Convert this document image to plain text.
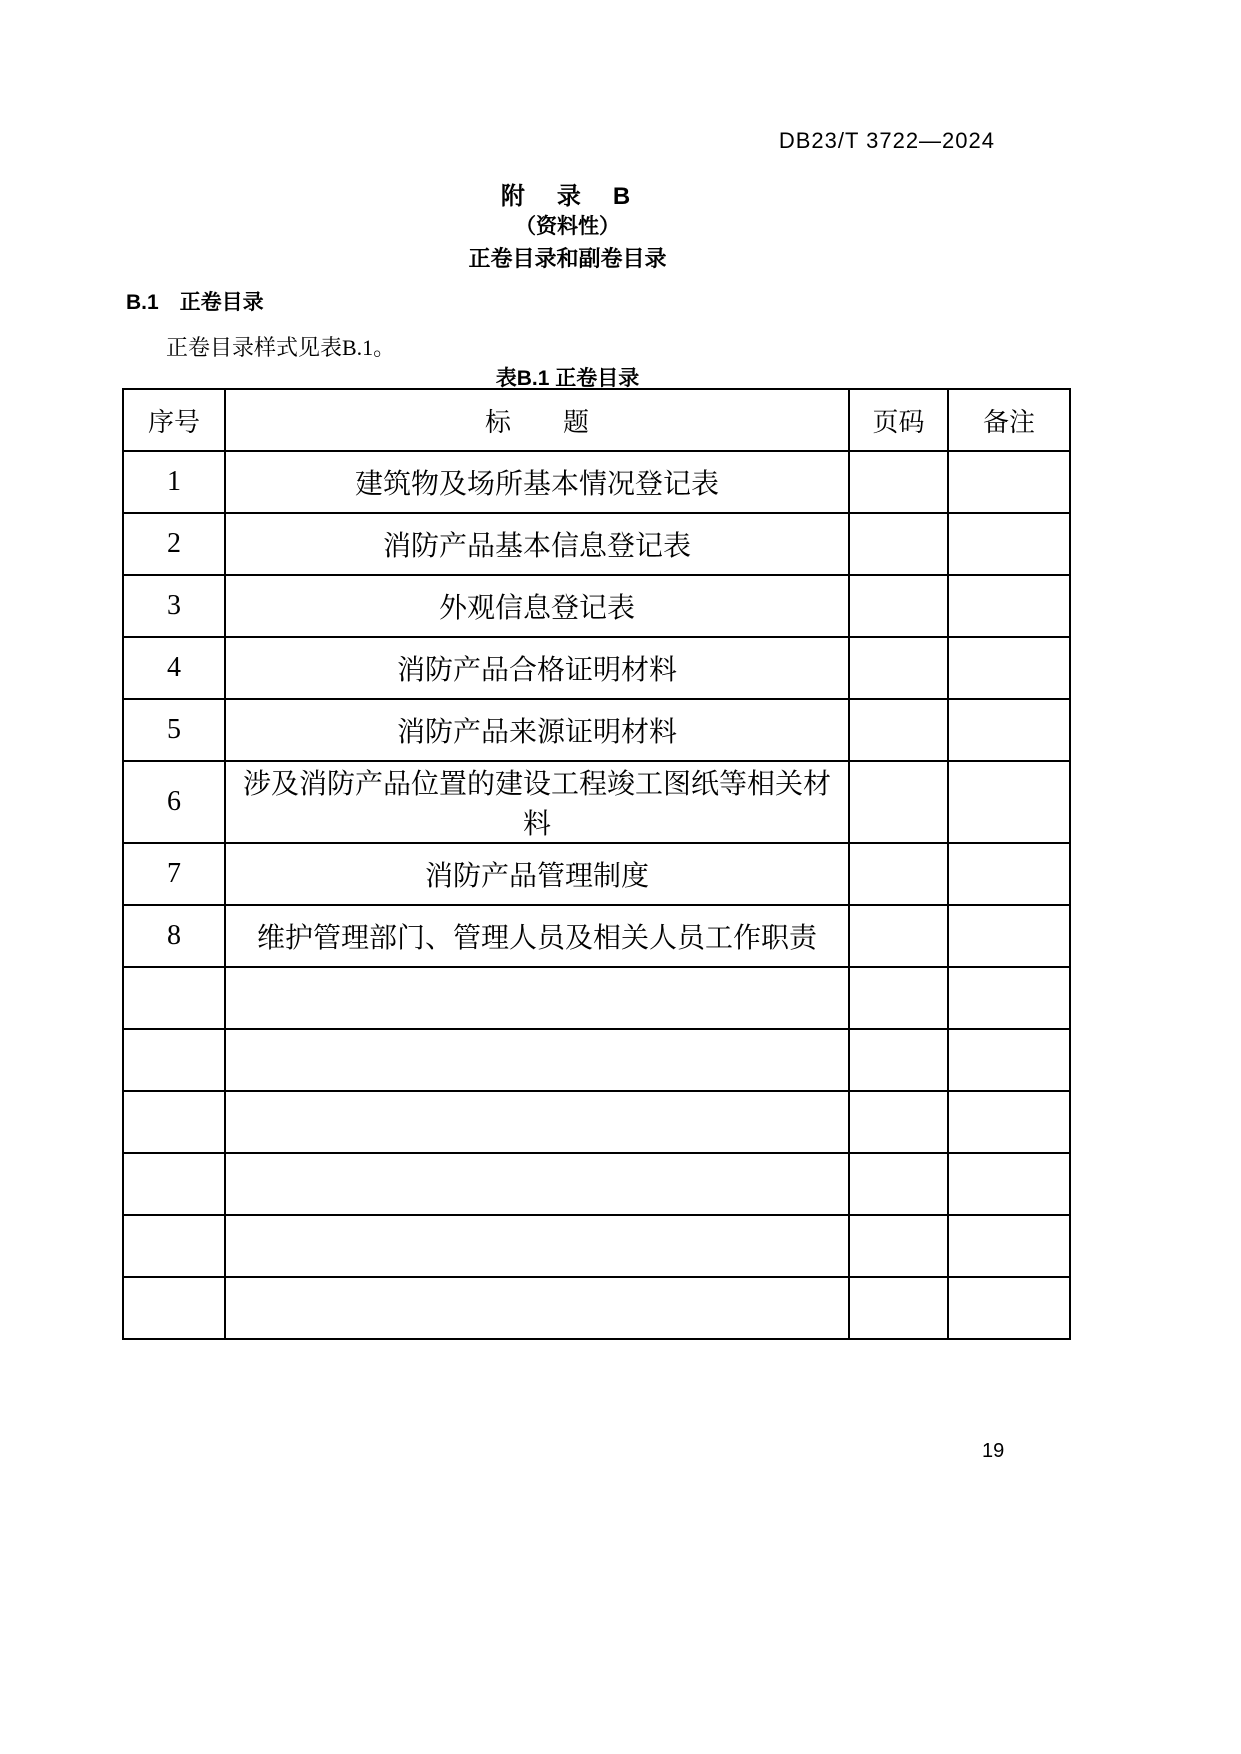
DB23/T 3722—2024
附　录　B
（资料性）
正卷目录和副卷目录
B.1　正卷目录
正卷目录样式见表B.1。
表B.1 正卷目录
序号	标　　题	页码	备注
1	建筑物及场所基本情况登记表		
2	消防产品基本信息登记表		
3	外观信息登记表		
4	消防产品合格证明材料		
5	消防产品来源证明材料		
6	涉及消防产品位置的建设工程竣工图纸等相关材料		
7	消防产品管理制度		
8	维护管理部门、管理人员及相关人员工作职责		

19
